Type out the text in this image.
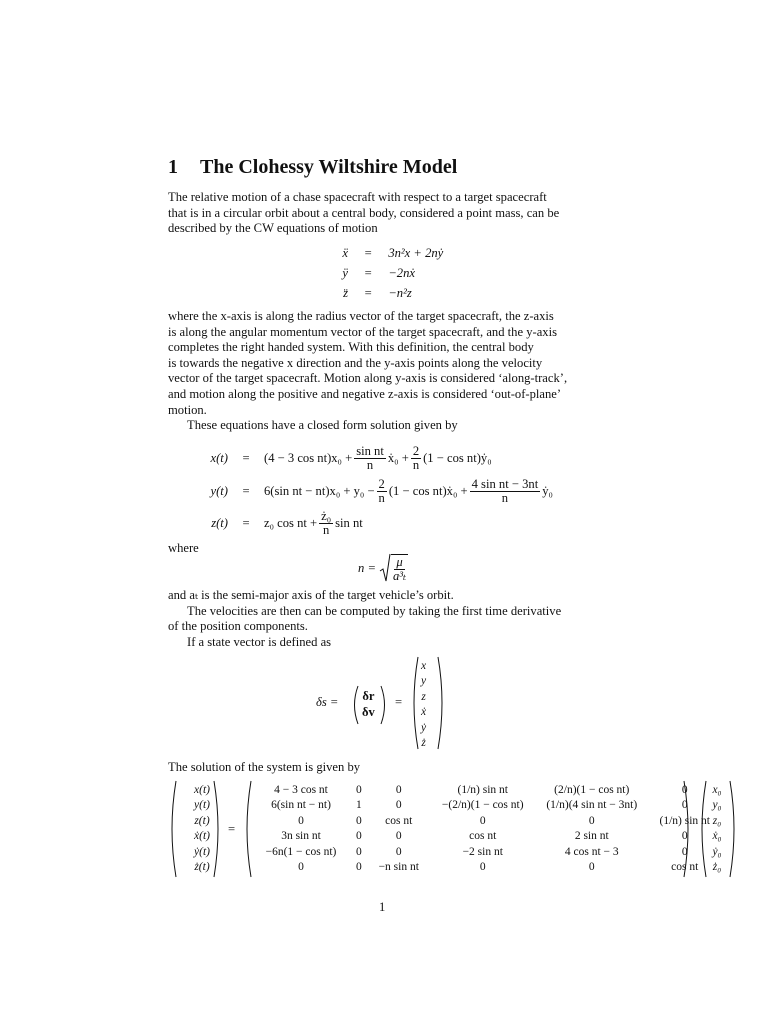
1 The Clohessy Wiltshire Model
The relative motion of a chase spacecraft with respect to a target spacecraft
that is in a circular orbit about a central body, considered a point mass, can be
described by the CW equations of motion
ẍ = 3n²x + 2nẏ
ÿ = −2nẋ
z̈ = −n²z
where the x-axis is along the radius vector of the target spacecraft, the z-axis
is along the angular momentum vector of the target spacecraft, and the y-axis
completes the right handed system. With this definition, the central body
is towards the negative x direction and the y-axis points along the velocity
vector of the target spacecraft. Motion along y-axis is considered ‘along-track’,
and motion along the positive and negative z-axis is considered ‘out-of-plane’
motion.
These equations have a closed form solution given by
x(t)	=	(4 − 3 $\cos nt)x_0 + \frac{\text{sin nt}}{n}$ ẋ₀ + $\frac{2}{n} (1 - \cos$ nt)ẏ₀
y(t)	=	6(sin nt − $nt)x_0 + y_0 - \frac{2}{n} (1 - \cos$ nt)ẋ₀ + $\frac{\text{4 sin nt − 3nt}}{n}$ ẏ₀
z(t)	=	z₀ cos nt + $\frac{\text{ż₀}}{n}$ sin nt
where
$n = \frac{\mu}{\text{a³ₜ}}$
and aₜ is the semi-major axis of the target vehicle’s orbit.
The velocities are then can be computed by taking the first time derivative
of the position components.
If a state vector is defined as
δs = δr
δv
=
x
y
z
ẋ
ẏ
ż
The solution of the system is given by
x(t)
y(t)
z(t)
ẋ(t)
ẏ(t)
ż(t)
=
4 − 3 cos nt	0	0	(1/n) sin nt	(2/n)(1 − cos nt)	0
6(sin nt − nt)	1	0	−(2/n)(1 − cos nt)	(1/n)(4 sin nt − 3nt)	0
0	0	cos nt	0	0	(1/n) sin nt
3n sin nt	0	0	cos nt	2 sin nt	0
−6n(1 − cos nt)	0	0	−2 sin nt	4 cos nt − 3	0
0	0	−n sin nt	0	0	cos nt
x₀
y₀
z₀
ẋ₀
ẏ₀
ż₀
1
